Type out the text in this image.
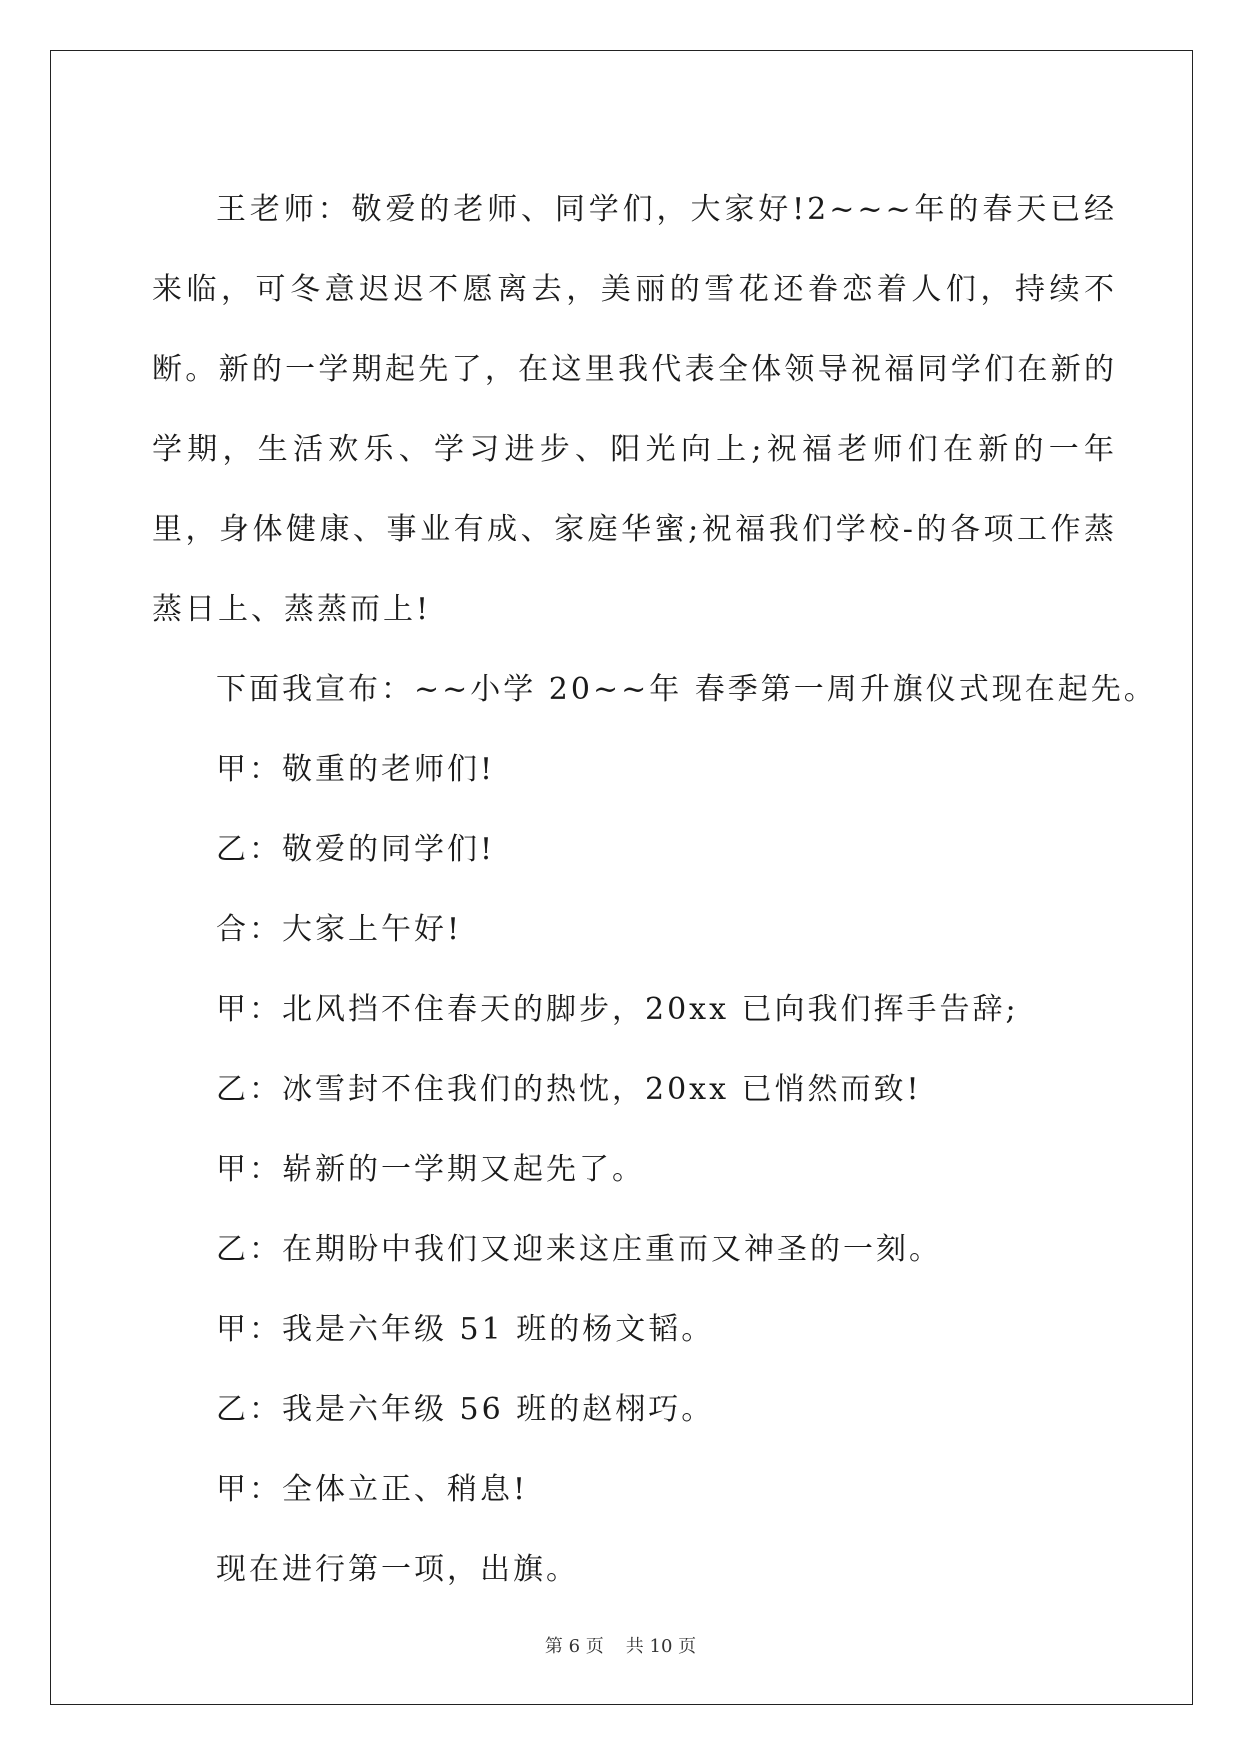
王老师：敬爱的老师、同学们，大家好!2~~~年的春天已经来临，可冬意迟迟不愿离去，美丽的雪花还眷恋着人们，持续不断。新的一学期起先了，在这里我代表全体领导祝福同学们在新的学期，生活欢乐、学习进步、阳光向上;祝福老师们在新的一年里，身体健康、事业有成、家庭华蜜;祝福我们学校-的各项工作蒸蒸日上、蒸蒸而上!

下面我宣布：~~小学 20~~年 春季第一周升旗仪式现在起先。

甲：敬重的老师们!

乙：敬爱的同学们!

合：大家上午好!

甲：北风挡不住春天的脚步，20xx 已向我们挥手告辞;

乙：冰雪封不住我们的热忱，20xx 已悄然而致!

甲：崭新的一学期又起先了。

乙：在期盼中我们又迎来这庄重而又神圣的一刻。

甲：我是六年级 51 班的杨文韬。

乙：我是六年级 56 班的赵栩巧。

甲：全体立正、稍息!

现在进行第一项，出旗。

第 6 页 共 10 页
